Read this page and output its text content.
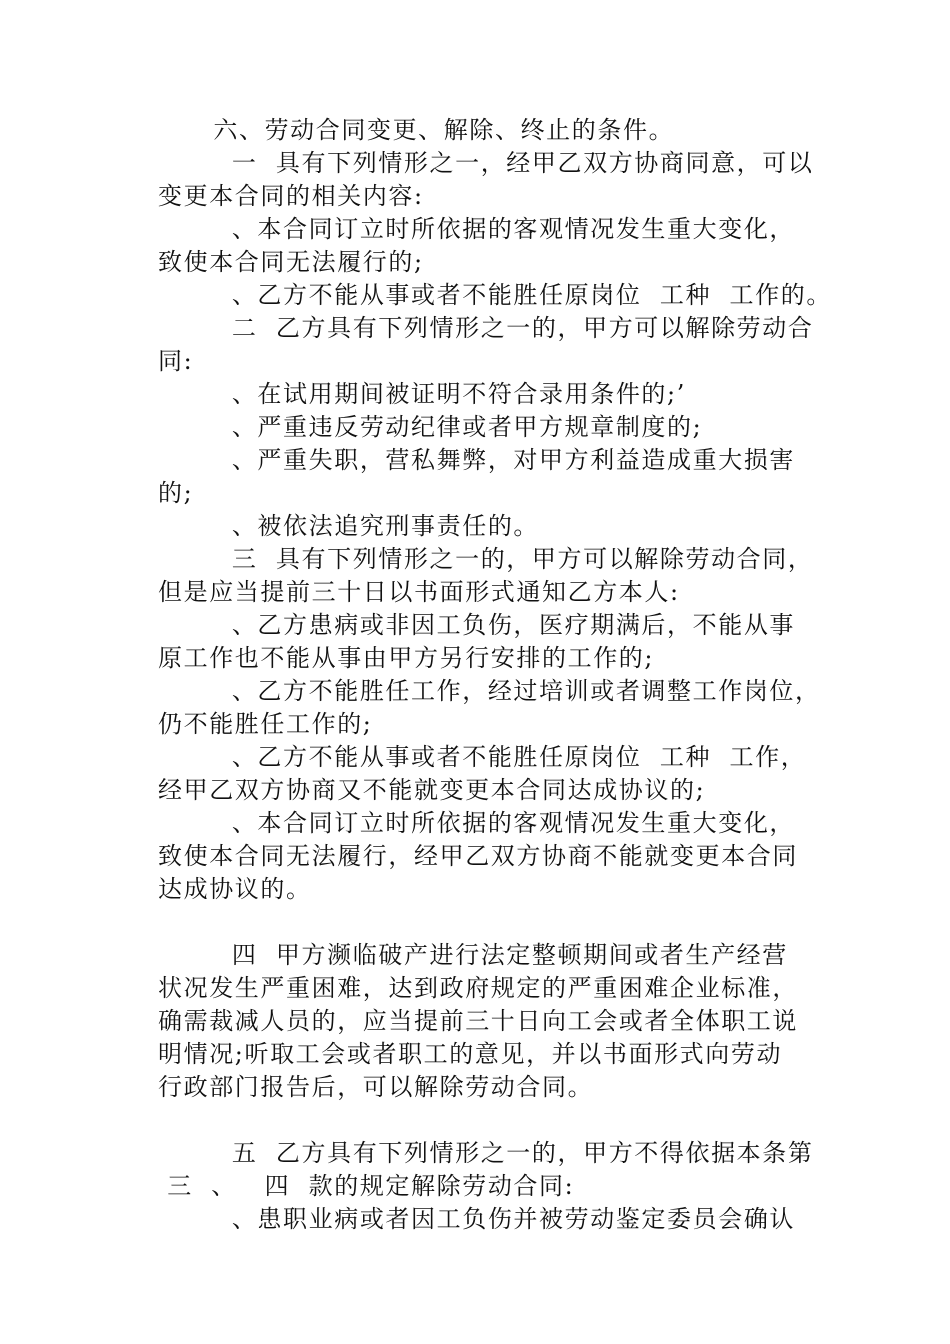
六、劳动合同变更、解除、终止的条件。
一  具有下列情形之一，经甲乙双方协商同意，可以
变更本合同的相关内容:
、本合同订立时所依据的客观情况发生重大变化，
致使本合同无法履行的;
、乙方不能从事或者不能胜任原岗位  工种  工作的。
二  乙方具有下列情形之一的，甲方可以解除劳动合
同:
、在试用期间被证明不符合录用条件的;’
、严重违反劳动纪律或者甲方规章制度的;
、严重失职，营私舞弊，对甲方利益造成重大损害
的;
、被依法追究刑事责任的。
三  具有下列情形之一的，甲方可以解除劳动合同，
但是应当提前三十日以书面形式通知乙方本人:
、乙方患病或非因工负伤，医疗期满后，不能从事
原工作也不能从事由甲方另行安排的工作的;
、乙方不能胜任工作，经过培训或者调整工作岗位，
仍不能胜任工作的;
、乙方不能从事或者不能胜任原岗位  工种  工作，
经甲乙双方协商又不能就变更本合同达成协议的;
、本合同订立时所依据的客观情况发生重大变化，
致使本合同无法履行，经甲乙双方协商不能就变更本合同
达成协议的。
四  甲方濒临破产进行法定整顿期间或者生产经营
状况发生严重困难，达到政府规定的严重困难企业标准，
确需裁减人员的，应当提前三十日向工会或者全体职工说
明情况;听取工会或者职工的意见，并以书面形式向劳动
行政部门报告后，可以解除劳动合同。
五  乙方具有下列情形之一的，甲方不得依据本条第
三  、   四  款的规定解除劳动合同:
、患职业病或者因工负伤并被劳动鉴定委员会确认
